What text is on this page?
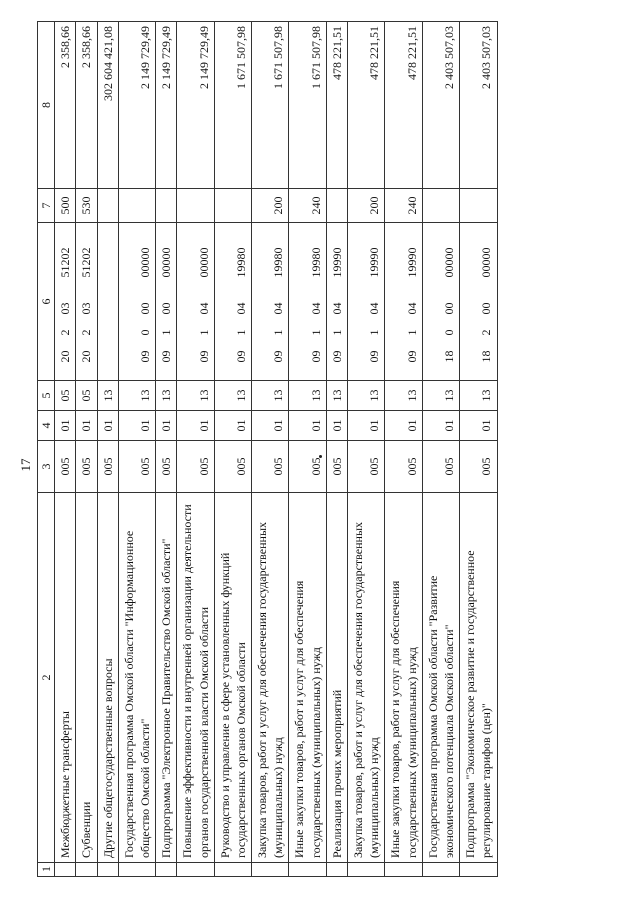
17
1	2	3	4	5	6	7	8
	Межбюджетные трансферты	005	01	05	2020351202	500	2 358,66
	Субвенции	005	01	05	2020351202	530	2 358,66
	Другие общегосударственные вопросы	005	01	13			302 604 421,08
	Государственная программа Омской области "Информационное общество Омской области"	005	01	13	0900000000		2 149 729,49
	Подпрограмма "Электронное Правительство Омской области"	005	01	13	0910000000		2 149 729,49
	Повышение эффективности и внутренней организации деятельности органов государственной власти Омской области	005	01	13	0910400000		2 149 729,49
	Руководство и управление в сфере установленных функций государственных органов Омской области	005	01	13	0910419980		1 671 507,98
	Закупка товаров, работ и услуг для обеспечения государственных (муниципальных) нужд	005	01	13	0910419980	200	1 671 507,98
	Иные закупки товаров, работ и услуг для обеспечения государственных (муниципальных) нужд	005	01	13	0910419980	240	1 671 507,98
	Реализация прочих мероприятий	005	01	13	0910419990		478 221,51
	Закупка товаров, работ и услуг для обеспечения государственных (муниципальных) нужд	005	01	13	0910419990	200	478 221,51
	Иные закупки товаров, работ и услуг для обеспечения государственных (муниципальных) нужд	005	01	13	0910419990	240	478 221,51
	Государственная программа Омской области "Развитие экономического потенциала Омской области"	005	01	13	1800000000		2 403 507,03
	Подпрограмма "Экономическое развитие и государственное регулирование тарифов (цен)"	005	01	13	1820000000		2 403 507,03
